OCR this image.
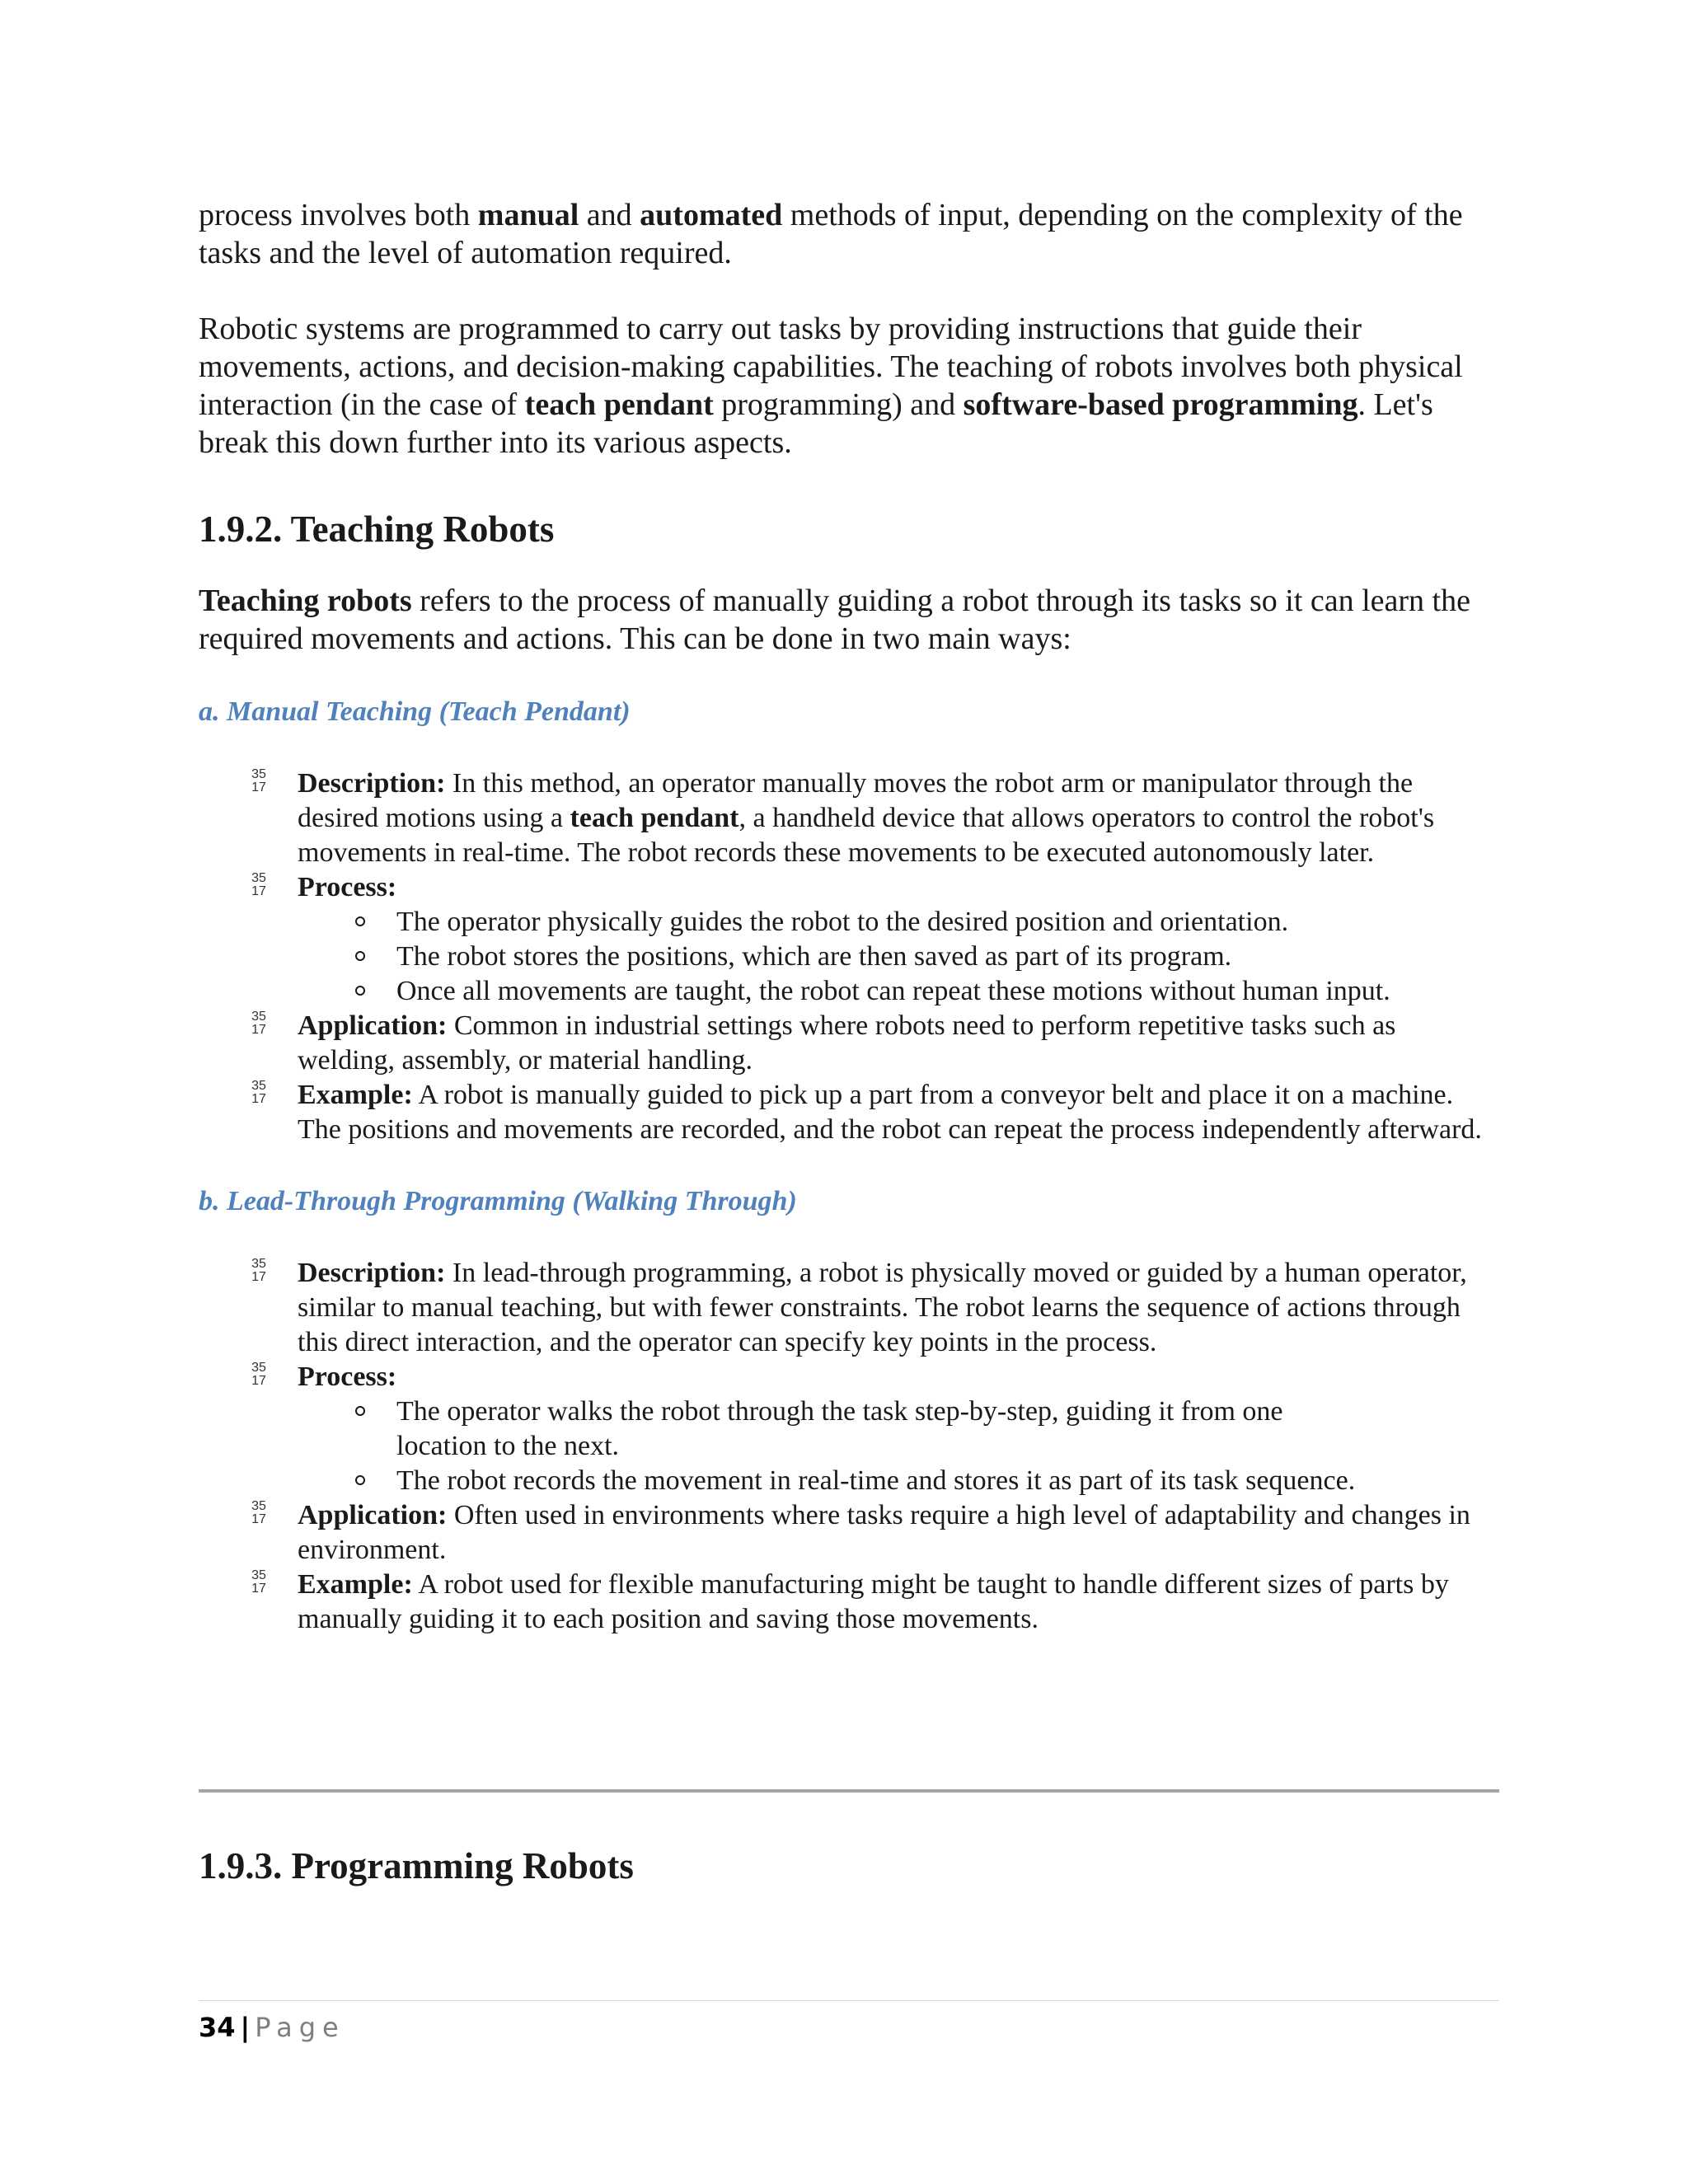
process involves both manual and automated methods of input, depending on the complexity of the tasks and the level of automation required.

Robotic systems are programmed to carry out tasks by providing instructions that guide their movements, actions, and decision-making capabilities. The teaching of robots involves both physical interaction (in the case of teach pendant programming) and software-based programming. Let's break this down further into its various aspects.

1.9.2. Teaching Robots

Teaching robots refers to the process of manually guiding a robot through its tasks so it can learn the required movements and actions. This can be done in two main ways:

a. Manual Teaching (Teach Pendant)
35
17 Description: In this method, an operator manually moves the robot arm or manipulator through the desired motions using a teach pendant, a handheld device that allows operators to control the robot's movements in real-time. The robot records these movements to be executed autonomously later.
35
17 Process:
The operator physically guides the robot to the desired position and orientation.
The robot stores the positions, which are then saved as part of its program.
Once all movements are taught, the robot can repeat these motions without human input.
35
17 Application: Common in industrial settings where robots need to perform repetitive tasks such as welding, assembly, or material handling.
35
17 Example: A robot is manually guided to pick up a part from a conveyor belt and place it on a machine. The positions and movements are recorded, and the robot can repeat the process independently afterward.
b. Lead-Through Programming (Walking Through)
35
17 Description: In lead-through programming, a robot is physically moved or guided by a human operator, similar to manual teaching, but with fewer constraints. The robot learns the sequence of actions through this direct interaction, and the operator can specify key points in the process.
35
17 Process:
The operator walks the robot through the task step-by-step, guiding it from one location to the next.
The robot records the movement in real-time and stores it as part of its task sequence.
35
17 Application: Often used in environments where tasks require a high level of adaptability and changes in environment.
35
17 Example: A robot used for flexible manufacturing might be taught to handle different sizes of parts by manually guiding it to each position and saving those movements.
1.9.3. Programming Robots
34 | Page
